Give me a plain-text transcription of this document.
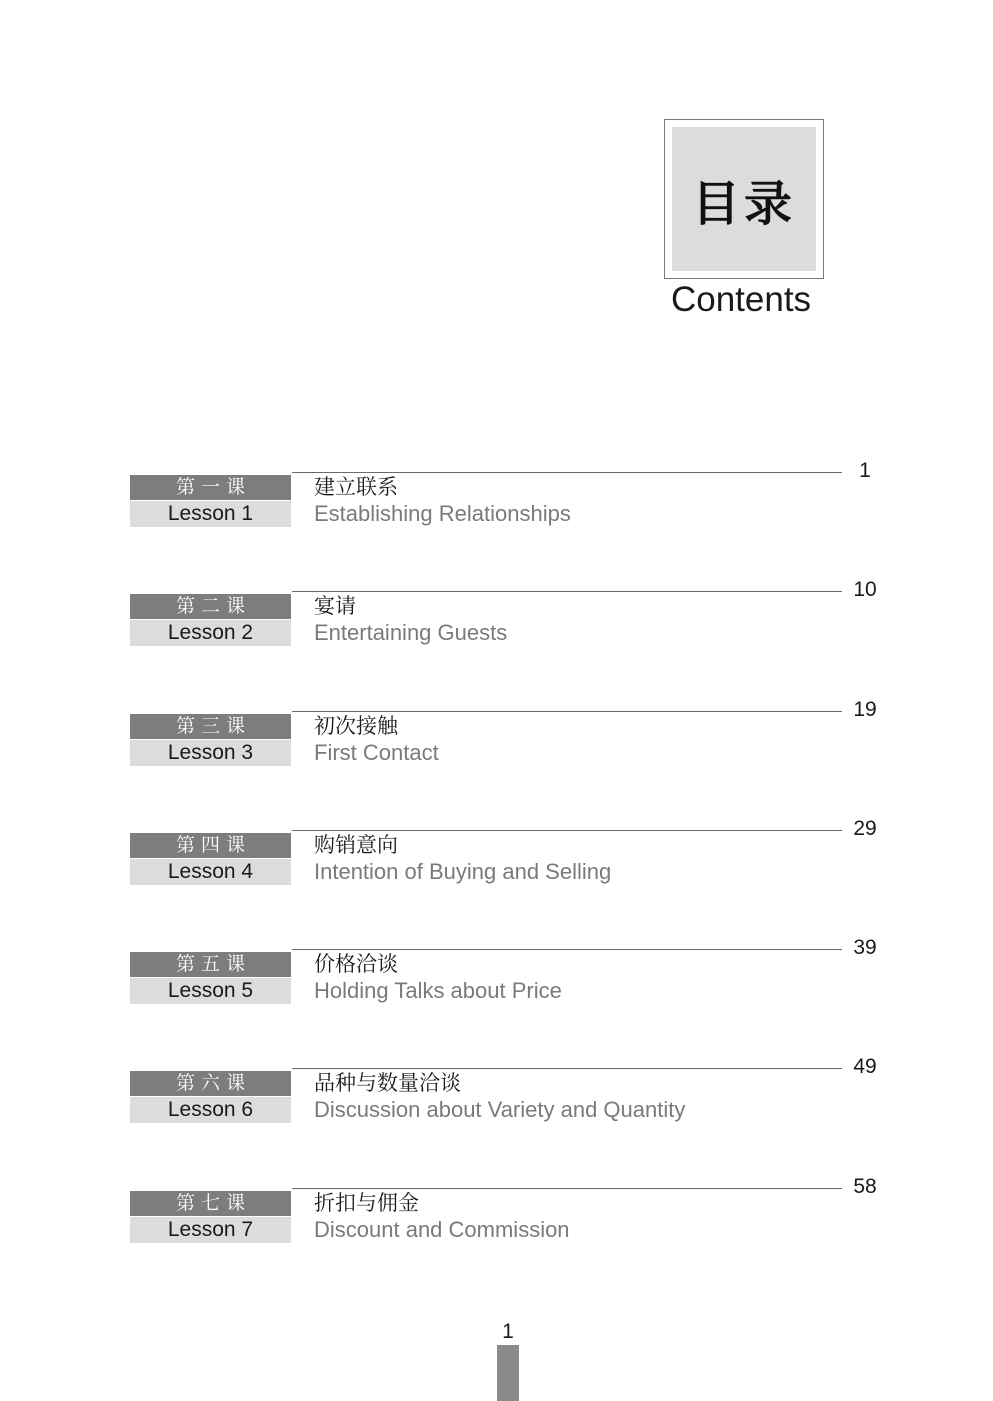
目录
Contents
第一课
Lesson 1
建立联系
Establishing Relationships
1
第二课
Lesson 2
宴请
Entertaining Guests
10
第三课
Lesson 3
初次接触
First Contact
19
第四课
Lesson 4
购销意向
Intention of Buying and Selling
29
第五课
Lesson 5
价格洽谈
Holding Talks about Price
39
第六课
Lesson 6
品种与数量洽谈
Discussion about Variety and Quantity
49
第七课
Lesson 7
折扣与佣金
Discount and Commission
58
1
